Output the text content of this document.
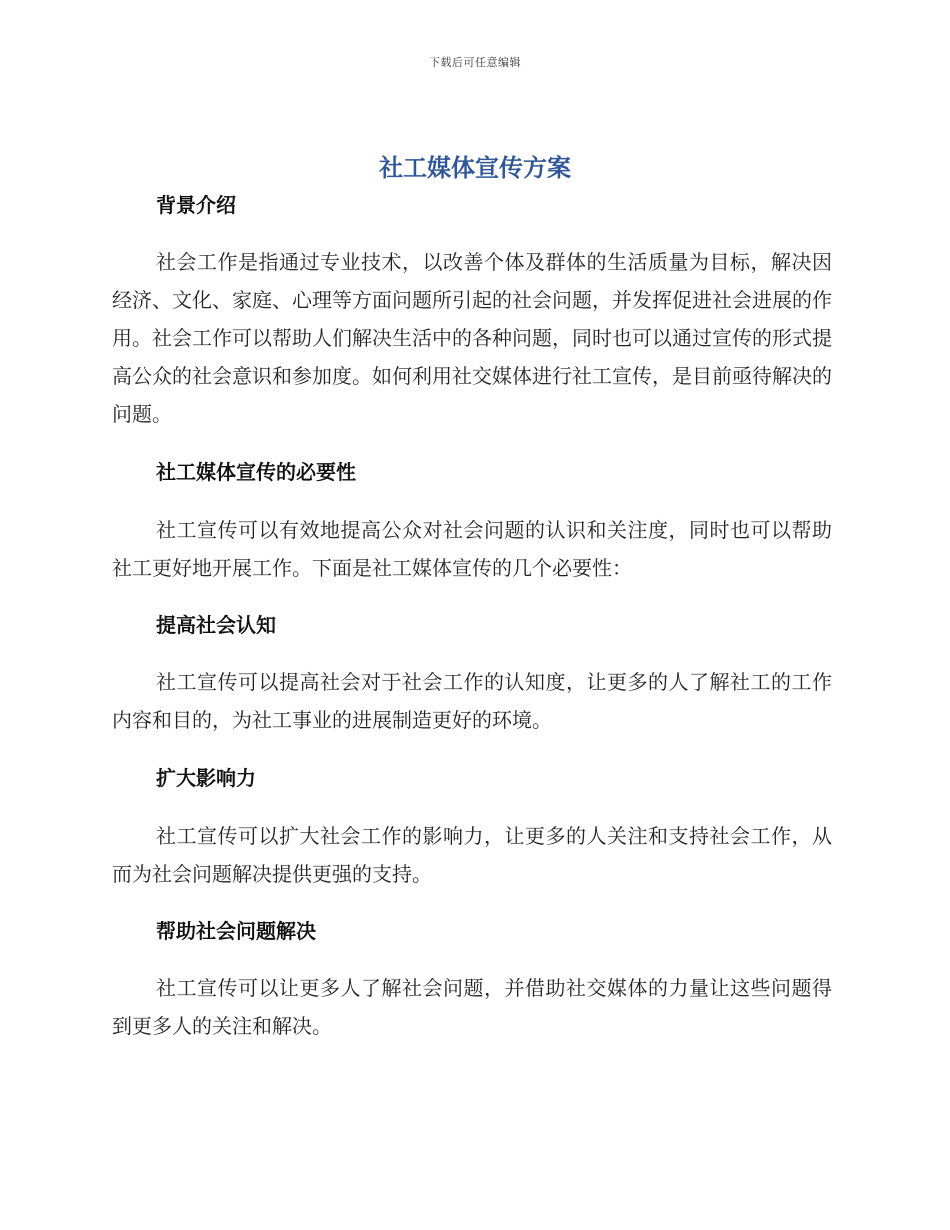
下载后可任意编辑
社工媒体宣传方案
背景介绍

社会工作是指通过专业技术，以改善个体及群体的生活质量为目标，解决因经济、文化、家庭、心理等方面问题所引起的社会问题，并发挥促进社会进展的作用。社会工作可以帮助人们解决生活中的各种问题，同时也可以通过宣传的形式提高公众的社会意识和参加度。如何利用社交媒体进行社工宣传，是目前亟待解决的问题。

社工媒体宣传的必要性

社工宣传可以有效地提高公众对社会问题的认识和关注度，同时也可以帮助社工更好地开展工作。下面是社工媒体宣传的几个必要性：

提高社会认知

社工宣传可以提高社会对于社会工作的认知度，让更多的人了解社工的工作内容和目的，为社工事业的进展制造更好的环境。

扩大影响力

社工宣传可以扩大社会工作的影响力，让更多的人关注和支持社会工作，从而为社会问题解决提供更强的支持。

帮助社会问题解决

社工宣传可以让更多人了解社会问题，并借助社交媒体的力量让这些问题得到更多人的关注和解决。
